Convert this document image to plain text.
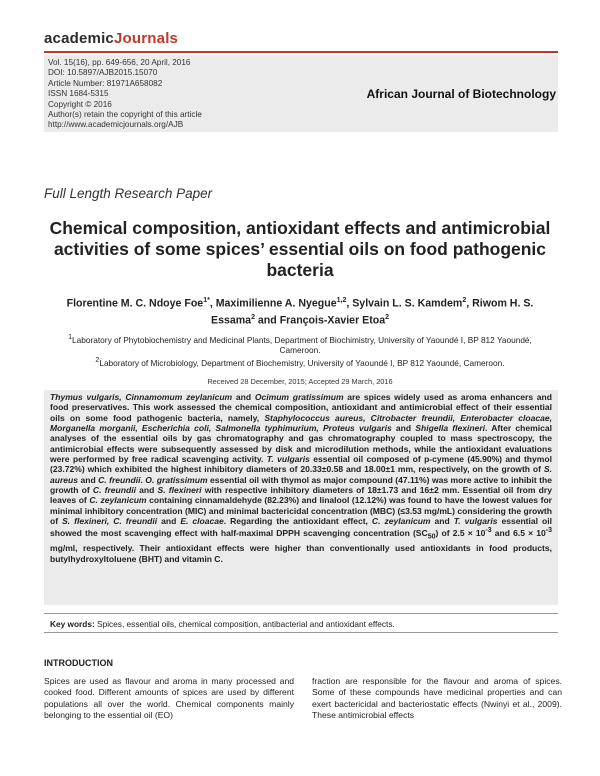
academicJournals
Vol. 15(16), pp. 649-656, 20 April, 2016
DOI: 10.5897/AJB2015.15070
Article Number: 81971A658082
ISSN 1684-5315
Copyright © 2016
Author(s) retain the copyright of this article
http://www.academicjournals.org/AJB
African Journal of Biotechnology
Full Length Research Paper
Chemical composition, antioxidant effects and antimicrobial activities of some spices’ essential oils on food pathogenic bacteria
Florentine M. C. Ndoye Foe$^{1*}$, Maximilienne A. Nyegue$^{1,2}$, Sylvain L. S. Kamdem$^2$, Riwom H. S. Essama$^2$ and François-Xavier Etoa$^2$
$^1$Laboratory of Phytobiochemistry and Medicinal Plants, Department of Biochimistry, University of Yaoundé I, BP 812 Yaoundé, Cameroon.
$^2$Laboratory of Microbiology, Department of Biochemistry, University of Yaoundé I, BP 812 Yaoundé, Cameroon.
Received 28 December, 2015; Accepted 29 March, 2016
Thymus vulgaris, Cinnamomum zeylanicum and Ocimum gratissimum are spices widely used as aroma enhancers and food preservatives. This work assessed the chemical composition, antioxidant and antimicrobial effect of their essential oils on some food pathogenic bacteria, namely, Staphylococcus aureus, Citrobacter freundii, Enterobacter cloacae, Morganella morganii, Escherichia coli, Salmonella typhimurium, Proteus vulgaris and Shigella flexineri. After chemical analyses of the essential oils by gas chromatography and gas chromatography coupled to mass spectroscopy, the antimicrobial effects were subsequently assessed by disk and microdilution methods, while the antioxidant evaluations were performed by free radical scavenging activity. T. vulgaris essential oil composed of p-cymene (45.90%) and thymol (23.72%) which exhibited the highest inhibitory diameters of 20.33±0.58 and 18.00±1 mm, respectively, on the growth of S. aureus and C. freundii. O. gratissimum essential oil with thymol as major compound (47.11%) was more active to inhibit the growth of C. freundii and S. flexineri with respective inhibitory diameters of 18±1.73 and 16±2 mm. Essential oil from dry leaves of C. zeylanicum containing cinnamaldehyde (82.23%) and linalool (12.12%) was found to have the lowest values for minimal inhibitory concentration (MIC) and minimal bactericidal concentration (MBC) (≤3.53 mg/mL) considering the growth of S. flexineri, C. freundii and E. cloacae. Regarding the antioxidant effect, C. zeylanicum and T. vulgaris essential oil showed the most scavenging effect with half-maximal DPPH scavenging concentration $(SC_{50})$ of $2.5 \times 10^{-3}$ and $6.5 \times 10^{-3}$ mg/ml, respectively. Their antioxidant effects were higher than conventionally used antioxidants in food products, butylhydroxyltoluene (BHT) and vitamin C.
Key words: Spices, essential oils, chemical composition, antibacterial and antioxidant effects.
INTRODUCTION
Spices are used as flavour and aroma in many processed and cooked food. Different amounts of spices are used by different populations all over the world. Chemical components mainly belonging to the essential oil (EO)
fraction are responsible for the flavour and aroma of spices. Some of these compounds have medicinal properties and can exert bactericidal and bacteriostatic effects (Nwinyi et al., 2009). These antimicrobial effects
